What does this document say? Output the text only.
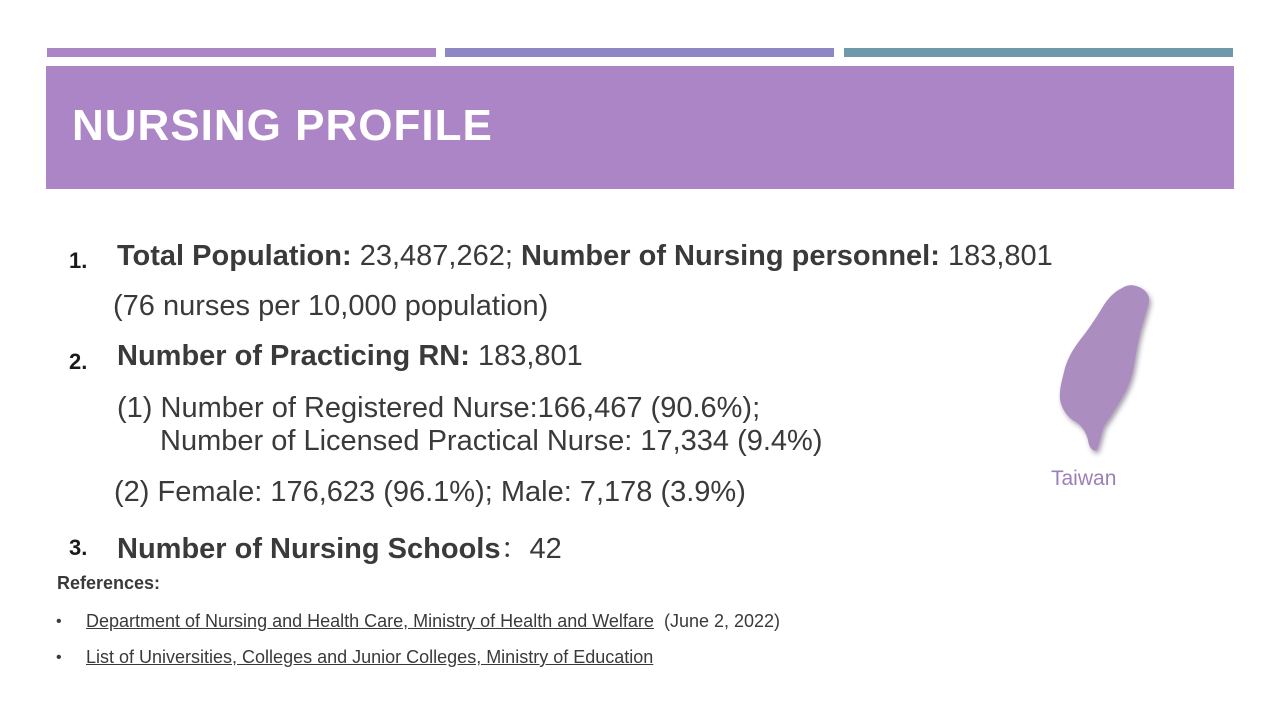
NURSING PROFILE
1. Total Population: 23,487,262; Number of Nursing personnel: 183,801
(76 nurses per 10,000 population)
2. Number of Practicing RN: 183,801
(1) Number of Registered Nurse:166,467 (90.6%);
Number of Licensed Practical Nurse: 17,334 (9.4%)
(2) Female: 176,623 (96.1%); Male: 7,178 (3.9%)
3. Number of Nursing Schools：42
References:
• Department of Nursing and Health Care, Ministry of Health and Welfare (June 2, 2022)
• List of Universities, Colleges and Junior Colleges, Ministry of Education
Taiwan
